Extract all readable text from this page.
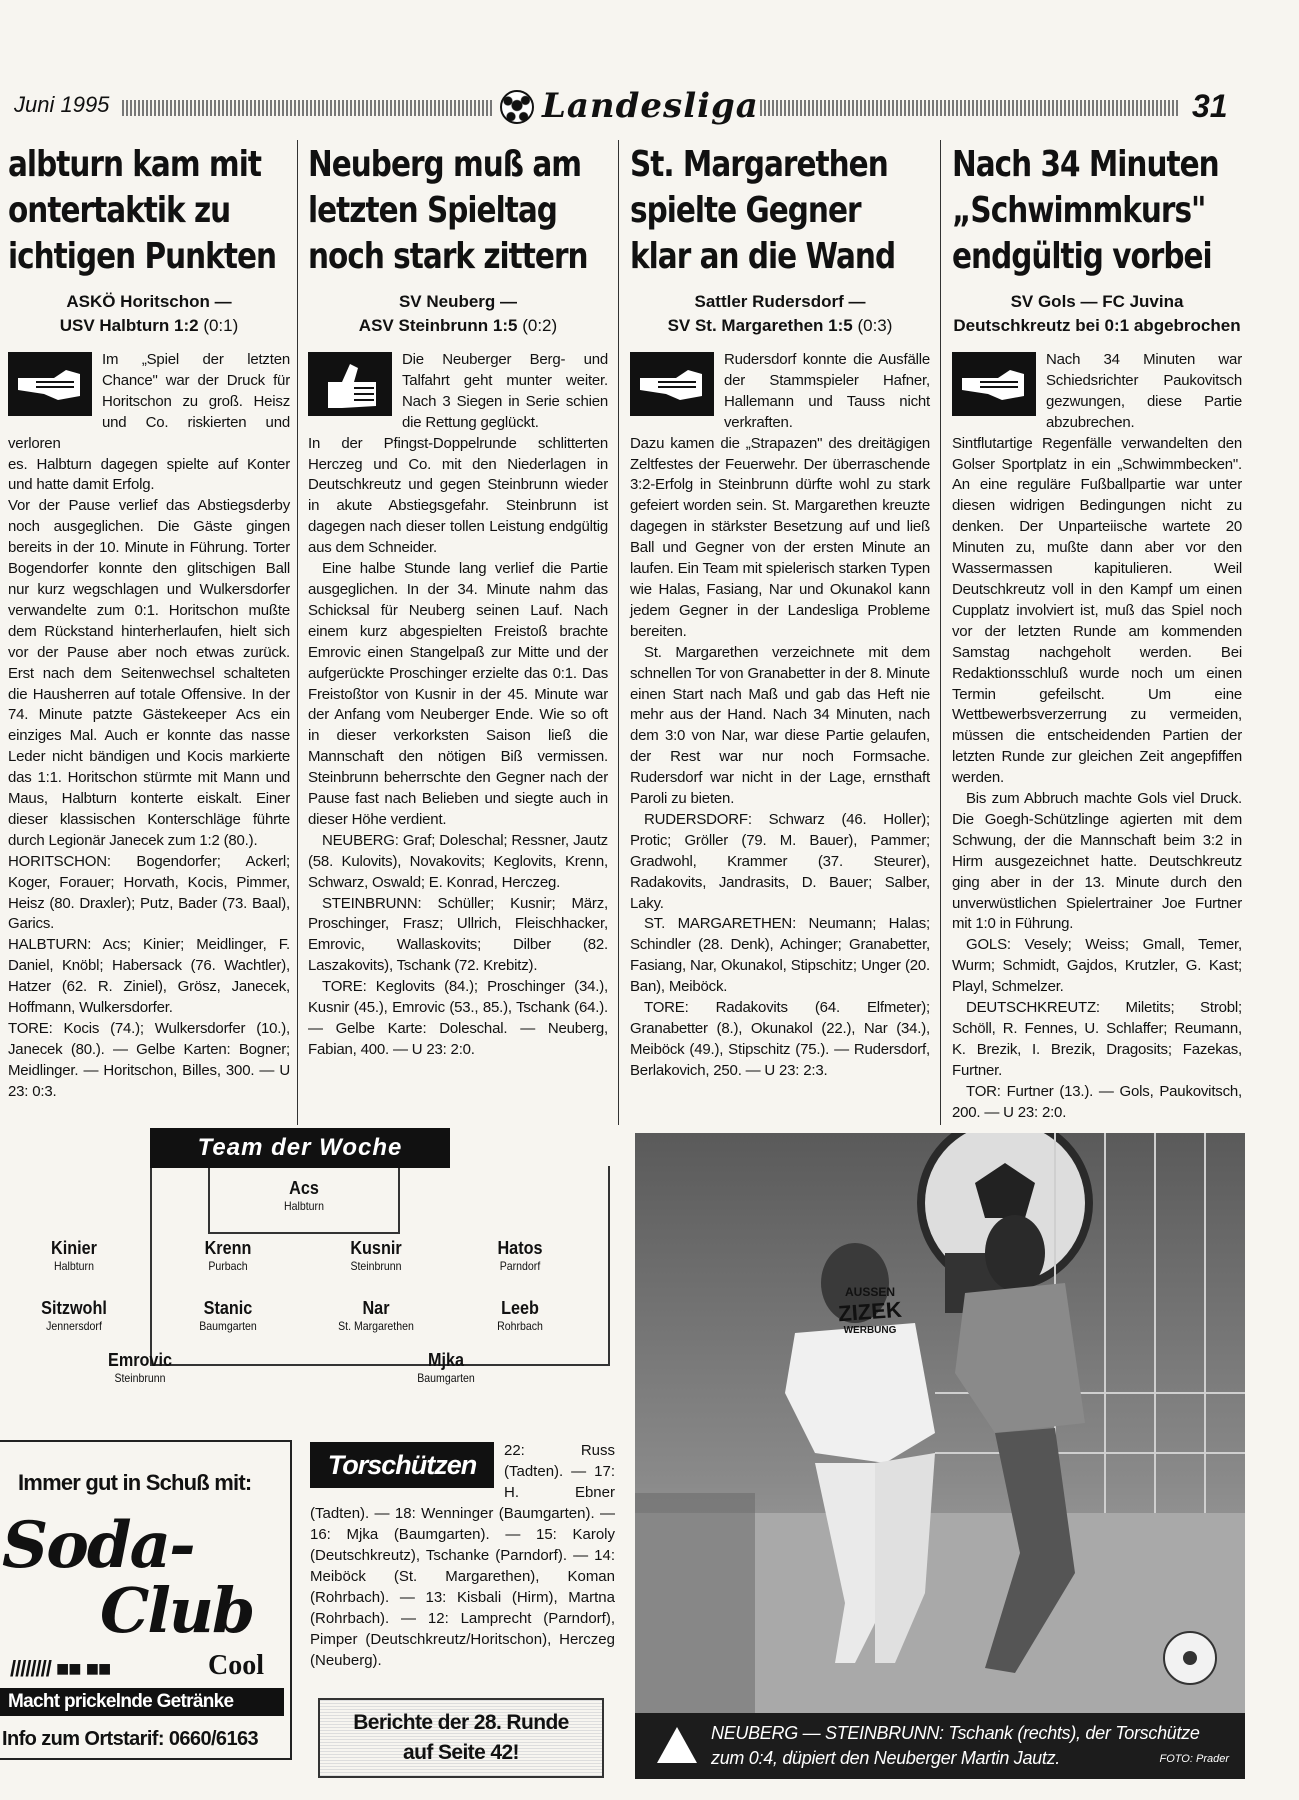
Juni 1995	Landesliga	31
albturn kam mit
ontertaktik zu
ichtigen Punkten
ASKÖ Horitschon —
USV Halbturn 1:2 (0:1)

Im „Spiel der letzten Chance" war der Druck für Horitschon zu groß. Heisz und Co. riskierten und verloren

es. Halbturn dagegen spielte auf Konter und hatte damit Erfolg.

Vor der Pause verlief das Abstiegsderby noch ausgeglichen. Die Gäste gingen bereits in der 10. Minute in Führung. Torter Bogendorfer konnte den glitschigen Ball nur kurz wegschlagen und Wulkersdorfer verwandelte zum 0:1. Horitschon mußte dem Rückstand hinterherlaufen, hielt sich vor der Pause aber noch etwas zurück. Erst nach dem Seitenwechsel schalteten die Hausherren auf totale Offensive. In der 74. Minute patzte Gästekeeper Acs ein einziges Mal. Auch er konnte das nasse Leder nicht bändigen und Kocis markierte das 1:1. Horitschon stürmte mit Mann und Maus, Halbturn konterte eiskalt. Einer dieser klassischen Konterschläge führte durch Legionär Janecek zum 1:2 (80.).

HORITSCHON: Bogendorfer; Ackerl; Koger, Forauer; Horvath, Kocis, Pimmer, Heisz (80. Draxler); Putz, Bader (73. Baal), Garics.

HALBTURN: Acs; Kinier; Meidlinger, F. Daniel, Knöbl; Habersack (76. Wachtler), Hatzer (62. R. Ziniel), Grösz, Janecek, Hoffmann, Wulkersdorfer.

TORE: Kocis (74.); Wulkersdorfer (10.), Janecek (80.). — Gelbe Karten: Bogner; Meidlinger. — Horitschon, Billes, 300. — U 23: 0:3.

Neuberg muß am
letzten Spieltag
noch stark zittern
SV Neuberg —
ASV Steinbrunn 1:5 (0:2)

Die Neuberger Berg- und Talfahrt geht munter weiter. Nach 3 Siegen in Serie schien die Rettung geglückt.

In der Pfingst-Doppelrunde schlitterten Herczeg und Co. mit den Niederlagen in Deutschkreutz und gegen Steinbrunn wieder in akute Abstiegsgefahr. Steinbrunn ist dagegen nach dieser tollen Leistung endgültig aus dem Schneider.

Eine halbe Stunde lang verlief die Partie ausgeglichen. In der 34. Minute nahm das Schicksal für Neuberg seinen Lauf. Nach einem kurz abgespielten Freistoß brachte Emrovic einen Stangelpaß zur Mitte und der aufgerückte Proschinger erzielte das 0:1. Das Freistoßtor von Kusnir in der 45. Minute war der Anfang vom Neuberger Ende. Wie so oft in dieser verkorksten Saison ließ die Mannschaft den nötigen Biß vermissen. Steinbrunn beherrschte den Gegner nach der Pause fast nach Belieben und siegte auch in dieser Höhe verdient.

NEUBERG: Graf; Doleschal; Ressner, Jautz (58. Kulovits), Novakovits; Keglovits, Krenn, Schwarz, Oswald; E. Konrad, Herczeg.

STEINBRUNN: Schüller; Kusnir; März, Proschinger, Frasz; Ullrich, Fleischhacker, Emrovic, Wallaskovits; Dilber (82. Laszakovits), Tschank (72. Krebitz).

TORE: Keglovits (84.); Proschinger (34.), Kusnir (45.), Emrovic (53., 85.), Tschank (64.). — Gelbe Karte: Doleschal. — Neuberg, Fabian, 400. — U 23: 2:0.

St. Margarethen
spielte Gegner
klar an die Wand
Sattler Rudersdorf —
SV St. Margarethen 1:5 (0:3)

Rudersdorf konnte die Ausfälle der Stammspieler Hafner, Hallemann und Tauss nicht verkraften.

Dazu kamen die „Strapazen" des dreitägigen Zeltfestes der Feuerwehr. Der überraschende 3:2-Erfolg in Steinbrunn dürfte wohl zu stark gefeiert worden sein. St. Margarethen kreuzte dagegen in stärkster Besetzung auf und ließ Ball und Gegner von der ersten Minute an laufen. Ein Team mit spielerisch starken Typen wie Halas, Fasiang, Nar und Okunakol kann jedem Gegner in der Landesliga Probleme bereiten.

St. Margarethen verzeichnete mit dem schnellen Tor von Granabetter in der 8. Minute einen Start nach Maß und gab das Heft nie mehr aus der Hand. Nach 34 Minuten, nach dem 3:0 von Nar, war diese Partie gelaufen, der Rest war nur noch Formsache. Rudersdorf war nicht in der Lage, ernsthaft Paroli zu bieten.

RUDERSDORF: Schwarz (46. Holler); Protic; Gröller (79. M. Bauer), Pammer; Gradwohl, Krammer (37. Steurer), Radakovits, Jandrasits, D. Bauer; Salber, Laky.

ST. MARGARETHEN: Neumann; Halas; Schindler (28. Denk), Achinger; Granabetter, Fasiang, Nar, Okunakol, Stipschitz; Unger (20. Ban), Meiböck.

TORE: Radakovits (64. Elfmeter); Granabetter (8.), Okunakol (22.), Nar (34.), Meiböck (49.), Stipschitz (75.). — Rudersdorf, Berlakovich, 250. — U 23: 2:3.

Nach 34 Minuten
„Schwimmkurs"
endgültig vorbei
SV Gols — FC Juvina
Deutschkreutz bei 0:1 abgebrochen

Nach 34 Minuten war Schiedsrichter Paukovitsch gezwungen, diese Partie abzubrechen.

Sintflutartige Regenfälle verwandelten den Golser Sportplatz in ein „Schwimmbecken". An eine reguläre Fußballpartie war unter diesen widrigen Bedingungen nicht zu denken. Der Unparteiische wartete 20 Minuten zu, mußte dann aber vor den Wassermassen kapitulieren. Weil Deutschkreutz voll in den Kampf um einen Cupplatz involviert ist, muß das Spiel noch vor der letzten Runde am kommenden Samstag nachgeholt werden. Bei Redaktionsschluß wurde noch um einen Termin gefeilscht. Um eine Wettbewerbsverzerrung zu vermeiden, müssen die entscheidenden Partien der letzten Runde zur gleichen Zeit angepfiffen werden.

Bis zum Abbruch machte Gols viel Druck. Die Goegh-Schützlinge agierten mit dem Schwung, der die Mannschaft beim 3:2 in Hirm ausgezeichnet hatte. Deutschkreutz ging aber in der 13. Minute durch den unverwüstlichen Spielertrainer Joe Furtner mit 1:0 in Führung.

GOLS: Vesely; Weiss; Gmall, Temer, Wurm; Schmidt, Gajdos, Krutzler, G. Kast; Playl, Schmelzer.

DEUTSCHKREUTZ: Miletits; Strobl; Schöll, R. Fennes, U. Schlaffer; Reumann, K. Brezik, I. Brezik, Dragosits; Fazekas, Furtner.

TOR: Furtner (13.). — Gols, Paukovitsch, 200. — U 23: 2:0.

Team der Woche
Acs
Halbturn
Kinier
Halbturn
Krenn
Purbach
Kusnir
Steinbrunn
Hatos
Parndorf
Sitzwohl
Jennersdorf
Stanic
Baumgarten
Nar
St. Margarethen
Leeb
Rohrbach
Emrovic
Steinbrunn
Mjka
Baumgarten
Immer gut in Schuß mit:
Soda-
Club
//////// ■■ ■■	Cool
Macht prickelnde Getränke
Info zum Ortstarif: 0660/6163
Torschützen	22: Russ (Tadten). — 17: H. Ebner (Tadten). — 18: Wenninger (Baumgarten). — 16: Mjka (Baumgarten). — 15: Karoly (Deutschkreutz), Tschanke (Parndorf). — 14: Meiböck (St. Margarethen), Koman (Rohrbach). — 13: Kisbali (Hirm), Martna (Rohrbach). — 12: Lamprecht (Parndorf), Pimper (Deutschkreutz/Horitschon), Herczeg (Neuberg).
Berichte der 28. Runde
auf Seite 42!
AUSSEN
ZIZEK
WERBUNG
NEUBERG — STEINBRUNN: Tschank (rechts), der Torschütze zum 0:4, düpiert den Neuberger Martin Jautz.	FOTO: Prader
